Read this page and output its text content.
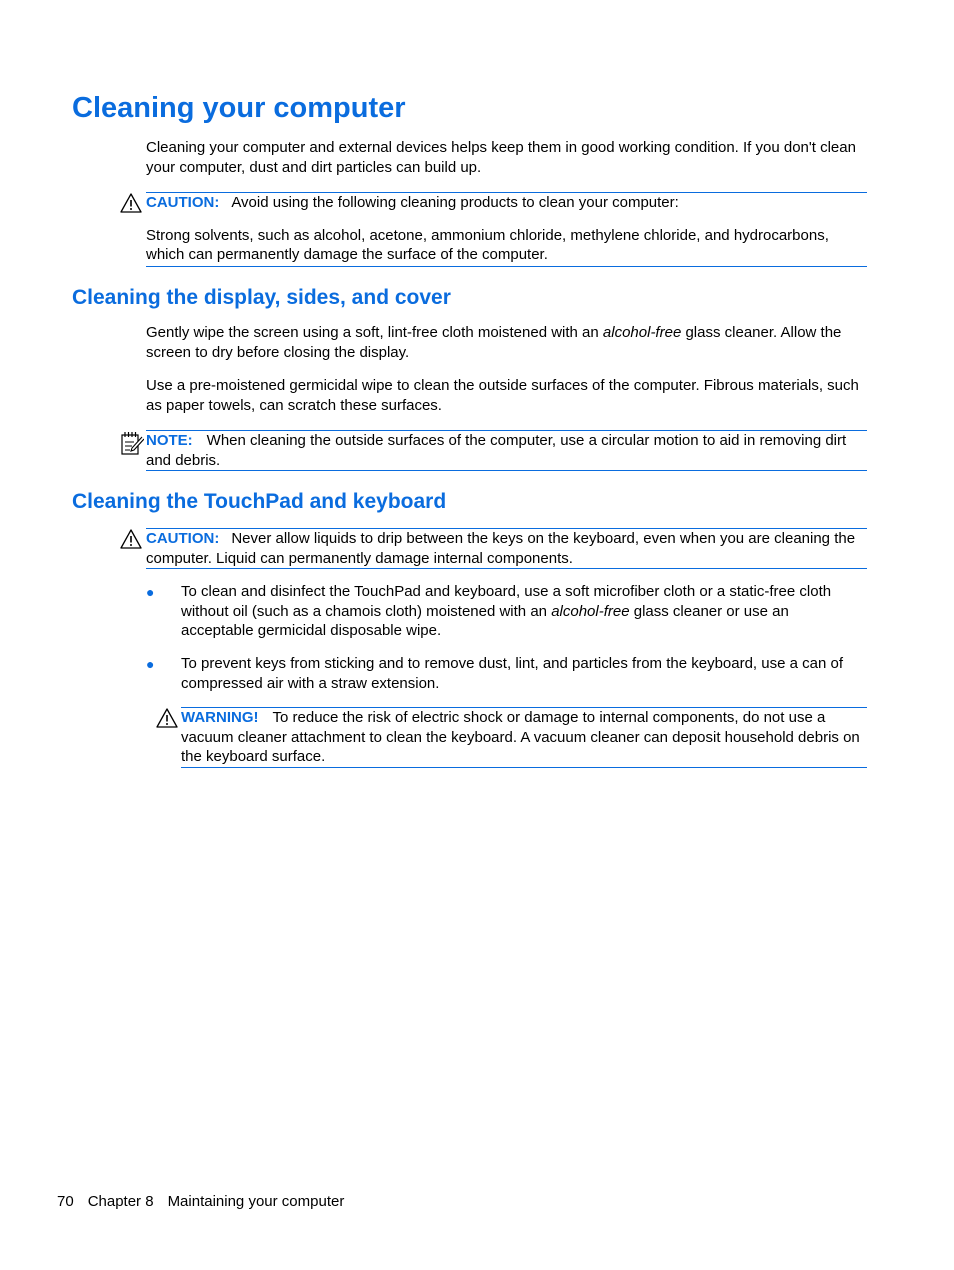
Cleaning your computer

Cleaning your computer and external devices helps keep them in good working condition. If you don't clean your computer, dust and dirt particles can build up.

CAUTION: Avoid using the following cleaning products to clean your computer:

Strong solvents, such as alcohol, acetone, ammonium chloride, methylene chloride, and hydrocarbons, which can permanently damage the surface of the computer.

Cleaning the display, sides, and cover

Gently wipe the screen using a soft, lint-free cloth moistened with an alcohol-free glass cleaner. Allow the screen to dry before closing the display.

Use a pre-moistened germicidal wipe to clean the outside surfaces of the computer. Fibrous materials, such as paper towels, can scratch these surfaces.

NOTE: When cleaning the outside surfaces of the computer, use a circular motion to aid in removing dirt and debris.

Cleaning the TouchPad and keyboard

CAUTION: Never allow liquids to drip between the keys on the keyboard, even when you are cleaning the computer. Liquid can permanently damage internal components.

● To clean and disinfect the TouchPad and keyboard, use a soft microfiber cloth or a static-free cloth without oil (such as a chamois cloth) moistened with an alcohol-free glass cleaner or use an acceptable germicidal disposable wipe.

● To prevent keys from sticking and to remove dust, lint, and particles from the keyboard, use a can of compressed air with a straw extension.

WARNING! To reduce the risk of electric shock or damage to internal components, do not use a vacuum cleaner attachment to clean the keyboard. A vacuum cleaner can deposit household debris on the keyboard surface.

70 Chapter 8 Maintaining your computer
